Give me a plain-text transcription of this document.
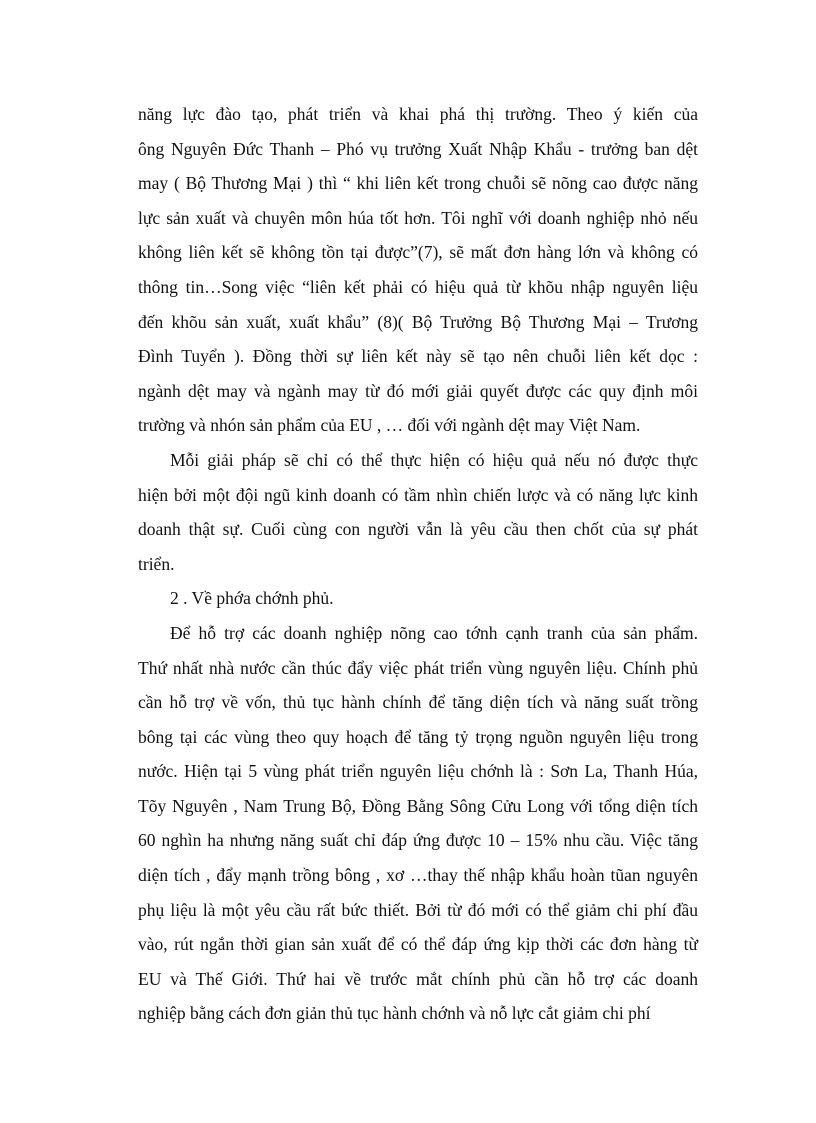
năng lực đào tạo, phát triển và khai phá thị trường. Theo ý kiến của
ông Nguyên Đức Thanh – Phó vụ trưởng Xuất Nhập Khẩu - trưởng ban dệt
may ( Bộ Thương Mại ) thì “ khi liên kết trong chuỗi sẽ nõng cao được năng
lực sản xuất và chuyên môn húa tốt hơn. Tôi nghĩ với doanh nghiệp nhỏ nếu
không liên kết sẽ không tồn tại được”(7), sẽ mất đơn hàng lớn và không có
thông tin…Song việc “liên kết phải có hiệu quả từ khõu nhập nguyên liệu
đến khõu sản xuất, xuất khẩu” (8)( Bộ Trưởng Bộ Thương Mại – Trương
Đình Tuyển ). Đồng thời sự liên kết này sẽ tạo nên chuỗi liên kết dọc :
ngành dệt may và ngành may từ đó mới giải quyết được các quy định môi
trường và nhón sản phẩm của EU , … đối với ngành dệt may Việt Nam.
Mỗi giải pháp sẽ chỉ có thể thực hiện có hiệu quả nếu nó được thực
hiện bởi một đội ngũ kinh doanh có tầm nhìn chiến lược và có năng lực kinh
doanh thật sự. Cuối cùng con người vẫn là yêu cầu then chốt của sự phát
triển.
2 . Về phớa chớnh phủ.
Để hỗ trợ các doanh nghiệp nõng cao tớnh cạnh tranh của sản phẩm.
Thứ nhất nhà nước cần thúc đẩy việc phát triển vùng nguyên liệu. Chính phủ
cần hỗ trợ về vốn, thủ tục hành chính để tăng diện tích và năng suất trồng
bông tại các vùng theo quy hoạch để tăng tỷ trọng nguồn nguyên liệu trong
nước. Hiện tại 5 vùng phát triển nguyên liệu chớnh là : Sơn La, Thanh Húa,
Tõy Nguyên , Nam Trung Bộ, Đồng Bằng Sông Cửu Long với tổng diện tích
60 nghìn ha nhưng năng suất chỉ đáp ứng được 10 – 15% nhu cầu. Việc tăng
diện tích , đẩy mạnh trồng bông , xơ …thay thế nhập khẩu hoàn tũan nguyên
phụ liệu là một yêu cầu rất bức thiết. Bởi từ đó mới có thể giảm chi phí đầu
vào, rút ngắn thời gian sản xuất để có thể đáp ứng kịp thời các đơn hàng từ
EU và Thế Giới. Thứ hai về trước mắt chính phủ cần hỗ trợ các doanh
nghiệp bằng cách đơn giản thủ tục hành chớnh và nỗ lực cắt giảm chi phí
